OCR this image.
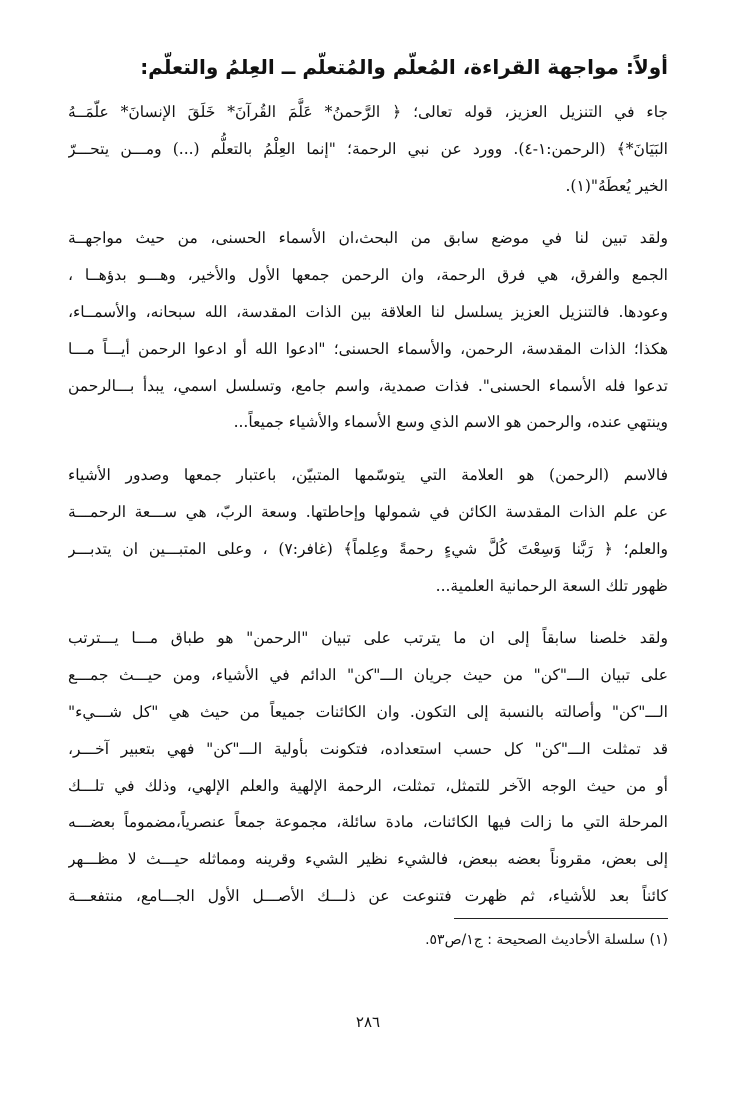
أولاً: مواجهة القراءة، المُعلّم والمُتعلّم ــ العِلمُ والتعلّم:
جاء في التنزيل العزيز، قوله تعالى؛ ﴿ الرَّحمنُ* عَلَّمَ القُرآنَ* خَلَقَ الإنسانَ* علّمَــهُ
البَيَانَ*﴾ (الرحمن:١-٤). وورد عن نبي الرحمة؛ "إنما العِلْمُ بالتعلُّم (...) ومـــن يتحـــرّ
الخير يُعطَهُ"(١).
ولقد تبين لنا في موضع سابق من البحث،ان الأسماء الحسنى، من حيث مواجهــة
الجمع والفرق، هي فرق الرحمة، وان الرحمن جمعها الأول والأخير، وهـــو بدؤهــا ،
وعودها. فالتنزيل العزيز يسلسل لنا العلاقة بين الذات المقدسة، الله سبحانه، والأسمــاء،
هكذا؛ الذات المقدسة، الرحمن، والأسماء الحسنى؛ "ادعوا الله أو ادعوا الرحمن أيـــاً مـــا
تدعوا فله الأسماء الحسنى". فذات صمدية، واسم جامع، وتسلسل اسمي، يبدأ بـــالرحمن
وينتهي عنده، والرحمن هو الاسم الذي وسع الأسماء والأشياء جميعاً...
فالاسم (الرحمن) هو العلامة التي يتوسّمها المتبيّن، باعتبار جمعها وصدور الأشياء
عن علم الذات المقدسة الكائن في شمولها وإحاطتها. وسعة الربّ، هي ســـعة الرحمـــة
والعلم؛ ﴿ رَبَّنا وَسِعْتَ كُلَّ شيءٍ رحمةً وعِلماً﴾ (غافر:٧) ، وعلى المتبـــين ان يتدبـــر
ظهور تلك السعة الرحمانية العلمية...
ولقد خلصنا سابقاً إلى ان ما يترتب على تبيان "الرحمن" هو طباق مـــا يـــترتب
على تبيان الـــ"كن" من حيث جريان الـــ"كن" الدائم في الأشياء، ومن حيـــث جمـــع
الـــ"كن" وأصالته بالنسبة إلى التكون. وان الكائنات جميعاً من حيث هي "كل شـــيء"
قد تمثلت الـــ"كن" كل حسب استعداده، فتكونت بأولية الـــ"كن" فهي بتعبير آخـــر،
أو من حيث الوجه الآخر للتمثل، تمثلت، الرحمة الإلهية والعلم الإلهي، وذلك في تلـــك
المرحلة التي ما زالت فيها الكائنات، مادة سائلة، مجموعة جمعاً عنصرياً،مضموماً بعضـــه
إلى بعض، مقروناً بعضه ببعض، فالشيء نظير الشيء وقرينه ومماثله حيـــث لا مظـــهر
كائناً بعد للأشياء، ثم ظهرت فتنوعت عن ذلـــك الأصـــل الأول الجـــامع، منتفعـــة
(١) سلسلة الأحاديث الصحيحة : ج١/ص٥٣.
٢٨٦
